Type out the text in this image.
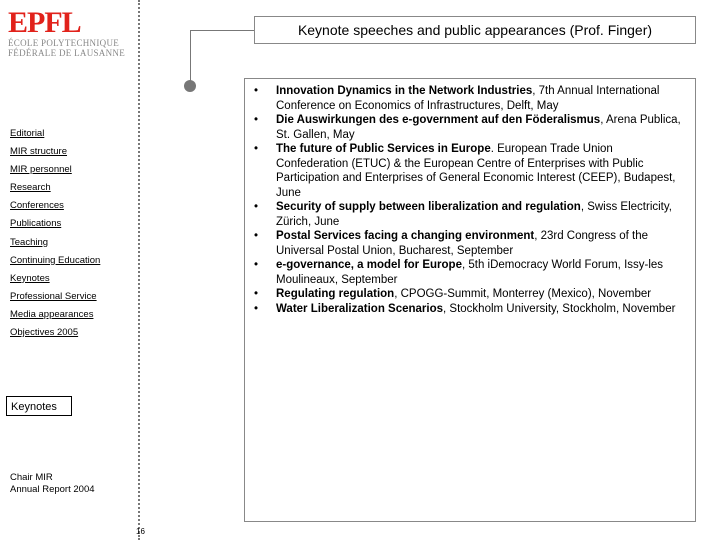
EPFL
ÉCOLE POLYTECHNIQUE
FÉDÉRALE DE LAUSANNE
Keynote speeches and public appearances (Prof. Finger)
• Innovation Dynamics in the Network Industries, 7th Annual International Conference on Economics of Infrastructures, Delft, May
• Die Auswirkungen des e-government auf den Föderalismus, Arena Publica, St. Gallen, May
• The future of Public Services in Europe. European Trade Union Confederation (ETUC) & the European Centre of Enterprises with Public Participation and Enterprises of General Economic Interest (CEEP), Budapest, June
• Security of supply between liberalization and regulation, Swiss Electricity, Zürich, June
• Postal Services facing a changing environment, 23rd Congress of the Universal Postal Union, Bucharest, September
• e-governance, a model for Europe, 5th iDemocracy World Forum, Issy-les Moulineaux, September
• Regulating regulation, CPOGG-Summit, Monterrey (Mexico), November
• Water Liberalization Scenarios, Stockholm University, Stockholm, November
Editorial
MIR structure
MIR personnel
Research
Conferences
Publications
Teaching
Continuing Education
Keynotes
Professional Service
Media appearances
Objectives 2005
Keynotes
Chair MIR
Annual Report 2004
16
